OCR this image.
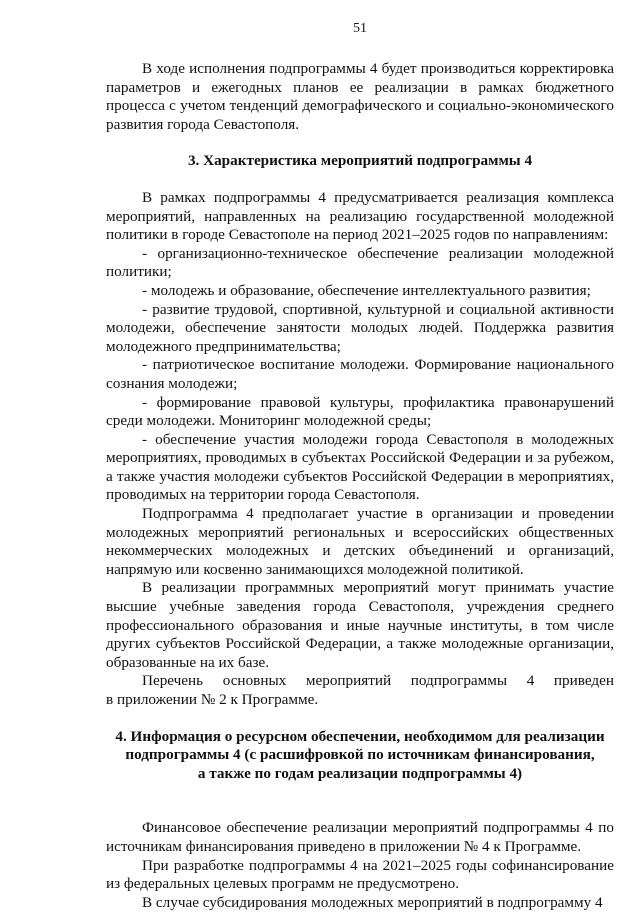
51

В ходе исполнения подпрограммы 4 будет производиться корректировка параметров и ежегодных планов ее реализации в рамках бюджетного процесса с учетом тенденций демографического и социально-экономического развития города Севастополя.

3. Характеристика мероприятий подпрограммы 4

В рамках подпрограммы 4 предусматривается реализация комплекса мероприятий, направленных на реализацию государственной молодежной политики в городе Севастополе на период 2021–2025 годов по направлениям:

- организационно-техническое обеспечение реализации молодежной политики;

- молодежь и образование, обеспечение интеллектуального развития;

- развитие трудовой, спортивной, культурной и социальной активности молодежи, обеспечение занятости молодых людей. Поддержка развития молодежного предпринимательства;

- патриотическое воспитание молодежи. Формирование национального сознания молодежи;

- формирование правовой культуры, профилактика правонарушений среди молодежи. Мониторинг молодежной среды;

- обеспечение участия молодежи города Севастополя в молодежных мероприятиях, проводимых в субъектах Российской Федерации и за рубежом, а также участия молодежи субъектов Российской Федерации в мероприятиях, проводимых на территории города Севастополя.

Подпрограмма 4 предполагает участие в организации и проведении молодежных мероприятий региональных и всероссийских общественных некоммерческих молодежных и детских объединений и организаций, напрямую или косвенно занимающихся молодежной политикой.

В реализации программных мероприятий могут принимать участие высшие учебные заведения города Севастополя, учреждения среднего профессионального образования и иные научные институты, в том числе других субъектов Российской Федерации, а также молодежные организации, образованные на их базе.

Перечень основных мероприятий подпрограммы 4 приведен

в приложении № 2 к Программе.

4. Информация о ресурсном обеспечении, необходимом для реализации
подпрограммы 4 (с расшифровкой по источникам финансирования,
а также по годам реализации подпрограммы 4)

Финансовое обеспечение реализации мероприятий подпрограммы 4 по источникам финансирования приведено в приложении № 4 к Программе.

При разработке подпрограммы 4 на 2021–2025 годы софинансирование из федеральных целевых программ не предусмотрено.

В случае субсидирования молодежных мероприятий в подпрограмму 4
